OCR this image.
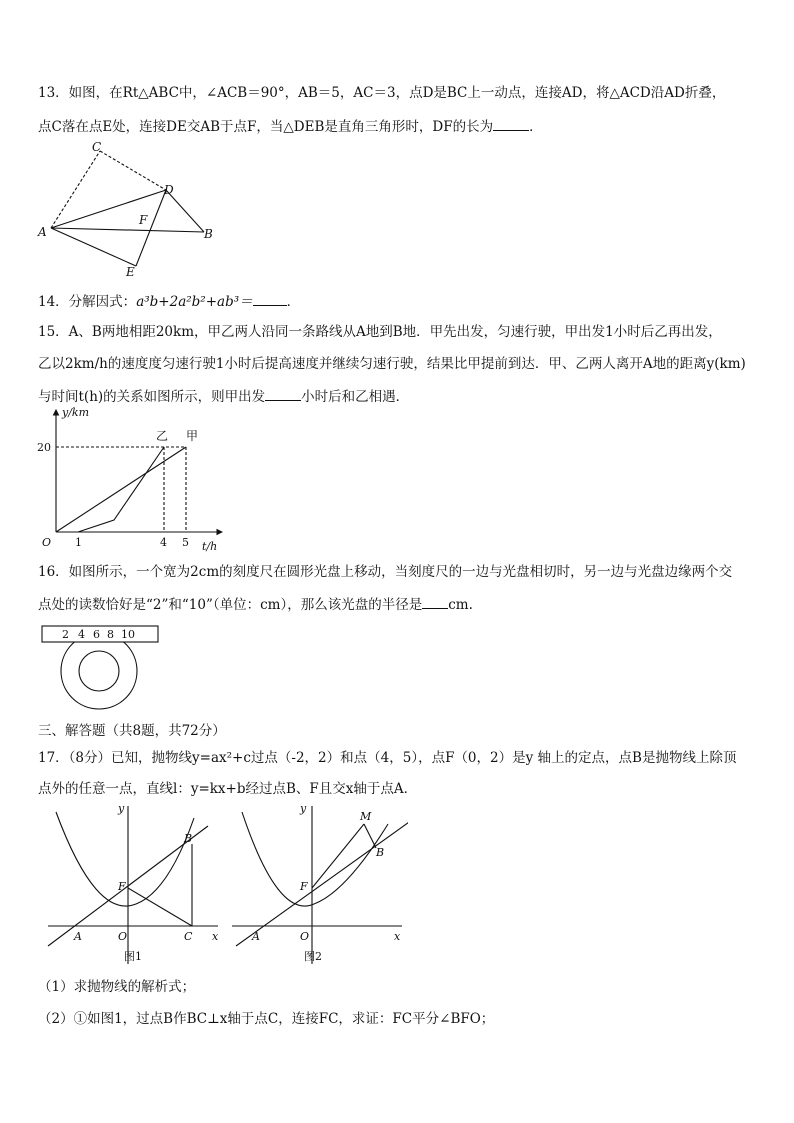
13．如图，在Rt△ABC中，∠ACB＝90°，AB＝5，AC＝3，点D是BC上一动点，连接AD，将△ACD沿AD折叠，
点C落在点E处，连接DE交AB于点F，当△DEB是直角三角形时，DF的长为	．
C
D
F
A	B
E
14．分解因式：a³b+2a²b²+ab³＝	．
15．A、B两地相距20km，甲乙两人沿同一条路线从A地到B地．甲先出发，匀速行驶，甲出发1小时后乙再出发，
乙以2km/h的速度度匀速行驶1小时后提高速度并继续匀速行驶，结果比甲提前到达．甲、乙两人离开A地的距离y(km)
与时间t(h)的关系如图所示，则甲出发	小时后和乙相遇．
y/km
t/h
O
20
1	4 5
乙 甲
16．如图所示，一个宽为2cm的刻度尺在圆形光盘上移动，当刻度尺的一边与光盘相切时，另一边与光盘边缘两个交
点处的读数恰好是“2”和“10”（单位：cm），那么该光盘的半径是 cm.
2 4 6 8 10
三、解答题（共8题，共72分）
17．（8分）已知，抛物线y=ax²+c过点（-2，2）和点（4，5），点F（0，2）是y 轴上的定点，点B是抛物线上除顶
点外的任意一点，直线l：y=kx+b经过点B、F且交x轴于点A．
y
x
B
F
A	O	C
图1
y
x
M
B
F
A	O
图2
（1）求抛物线的解析式；
（2）①如图1，过点B作BC⊥x轴于点C，连接FC，求证：FC平分∠BFO；
